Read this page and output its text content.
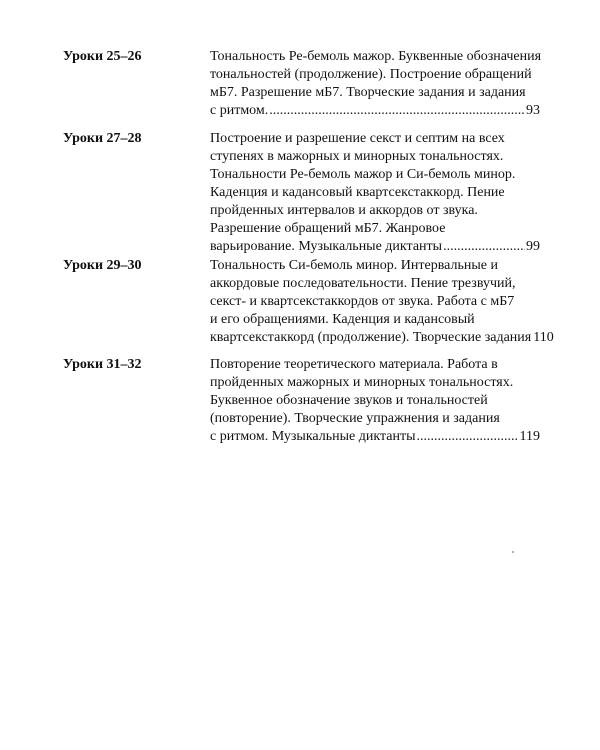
Уроки 25–26	Тональность Ре-бемоль мажор. Буквенные обозначения
тональностей (продолжение). Построение обращений
мБ7. Разрешение мБ7. Творческие задания и задания
с ритмом. .....	93
Уроки 27–28	Построение и разрешение секст и септим на всех
ступенях в мажорных и минорных тональностях.
Тональности Ре-бемоль мажор и Си-бемоль минор.
Каденция и кадансовый квартсекстаккорд. Пение
пройденных интервалов и аккордов от звука.
Разрешение обращений мБ7. Жанровое
варьирование. Музыкальные диктанты .....	99
Уроки 29–30	Тональность Си-бемоль минор. Интервальные и
аккордовые последовательности. Пение трезвучий,
секст- и квартсекстаккордов от звука. Работа с мБ7
и его обращениями. Каденция и кадансовый
квартсекстаккорд (продолжение). Творческие задания 110
Уроки 31–32	Повторение теоретического материала. Работа в
пройденных мажорных и минорных тональностях.
Буквенное обозначение звуков и тональностей
(повторение). Творческие упражнения и задания
с ритмом. Музыкальные диктанты .....	119
